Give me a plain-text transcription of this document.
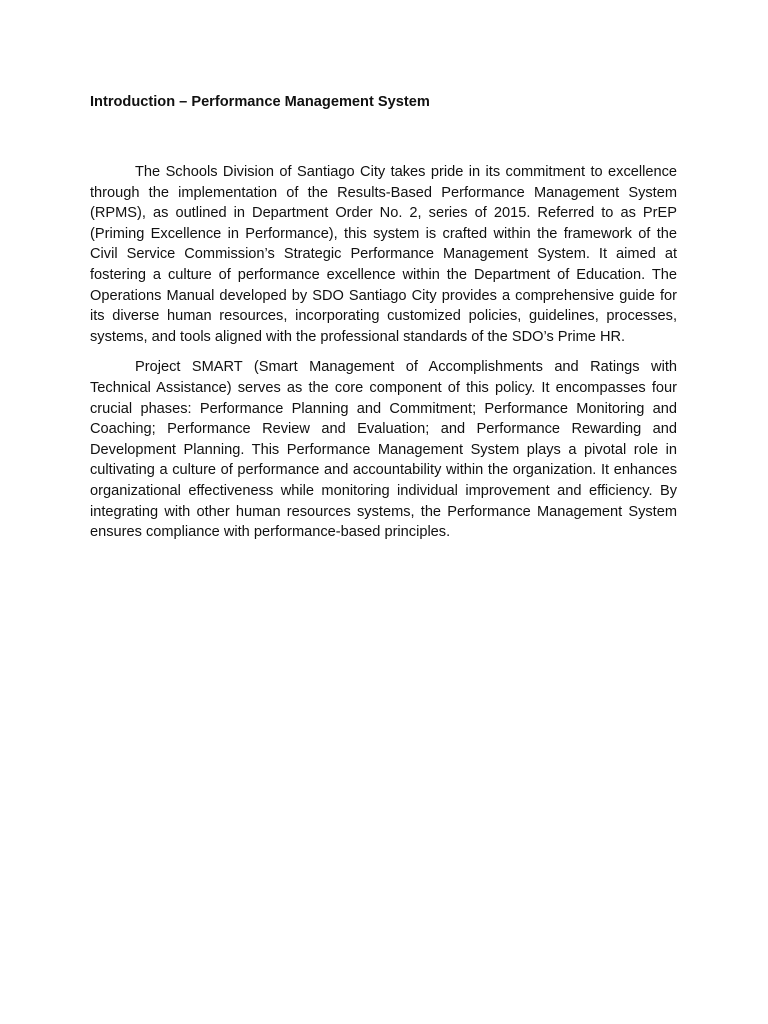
Introduction – Performance Management System

The Schools Division of Santiago City takes pride in its commitment to excellence through the implementation of the Results-Based Performance Management System (RPMS), as outlined in Department Order No. 2, series of 2015. Referred to as PrEP (Priming Excellence in Performance), this system is crafted within the framework of the Civil Service Commission’s Strategic Performance Management System. It aimed at fostering a culture of performance excellence within the Department of Education. The Operations Manual developed by SDO Santiago City provides a comprehensive guide for its diverse human resources, incorporating customized policies, guidelines, processes, systems, and tools aligned with the professional standards of the SDO’s Prime HR.

Project SMART (Smart Management of Accomplishments and Ratings with Technical Assistance) serves as the core component of this policy. It encompasses four crucial phases: Performance Planning and Commitment; Performance Monitoring and Coaching; Performance Review and Evaluation; and Performance Rewarding and Development Planning. This Performance Management System plays a pivotal role in cultivating a culture of performance and accountability within the organization. It enhances organizational effectiveness while monitoring individual improvement and efficiency. By integrating with other human resources systems, the Performance Management System ensures compliance with performance-based principles.
